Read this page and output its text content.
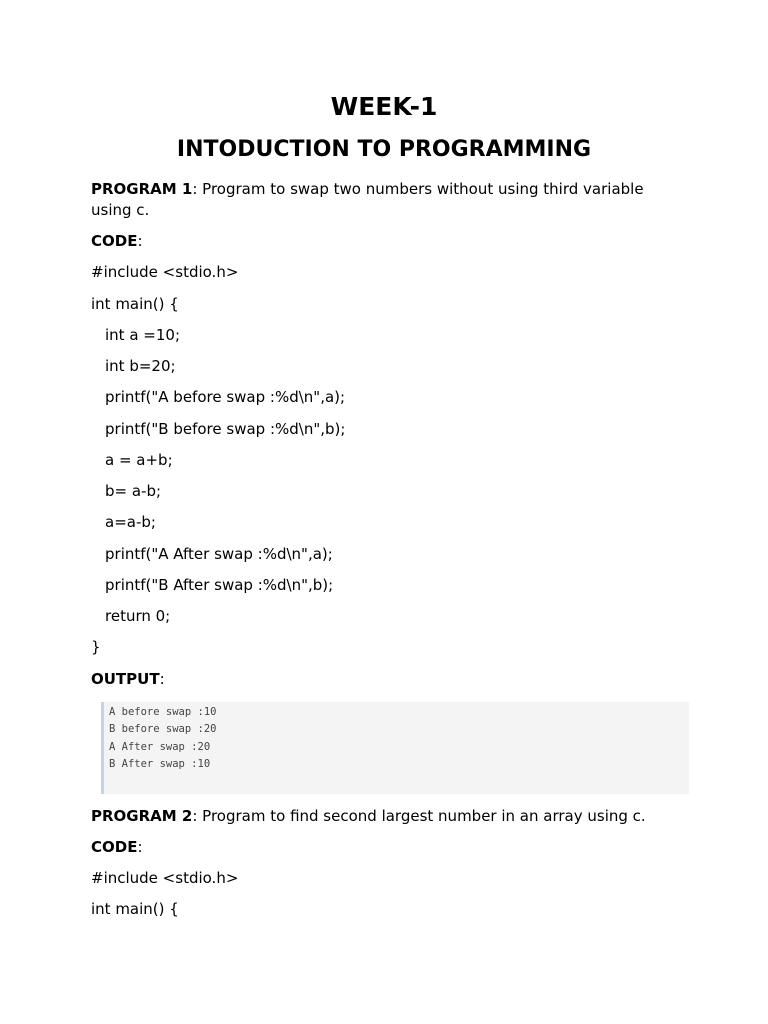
WEEK-1
INTODUCTION TO PROGRAMMING
PROGRAM 1: Program to swap two numbers without using third variable
using c.
CODE:
#include <stdio.h>
int main() {
int a =10;
int b=20;
printf("A before swap :%d\n",a);
printf("B before swap :%d\n",b);
a = a+b;
b= a-b;
a=a-b;
printf("A After swap :%d\n",a);
printf("B After swap :%d\n",b);
return 0;
}
OUTPUT:
A before swap :10
B before swap :20
A After swap :20
B After swap :10
PROGRAM 2: Program to find second largest number in an array using c.
CODE:
#include <stdio.h>
int main() {
